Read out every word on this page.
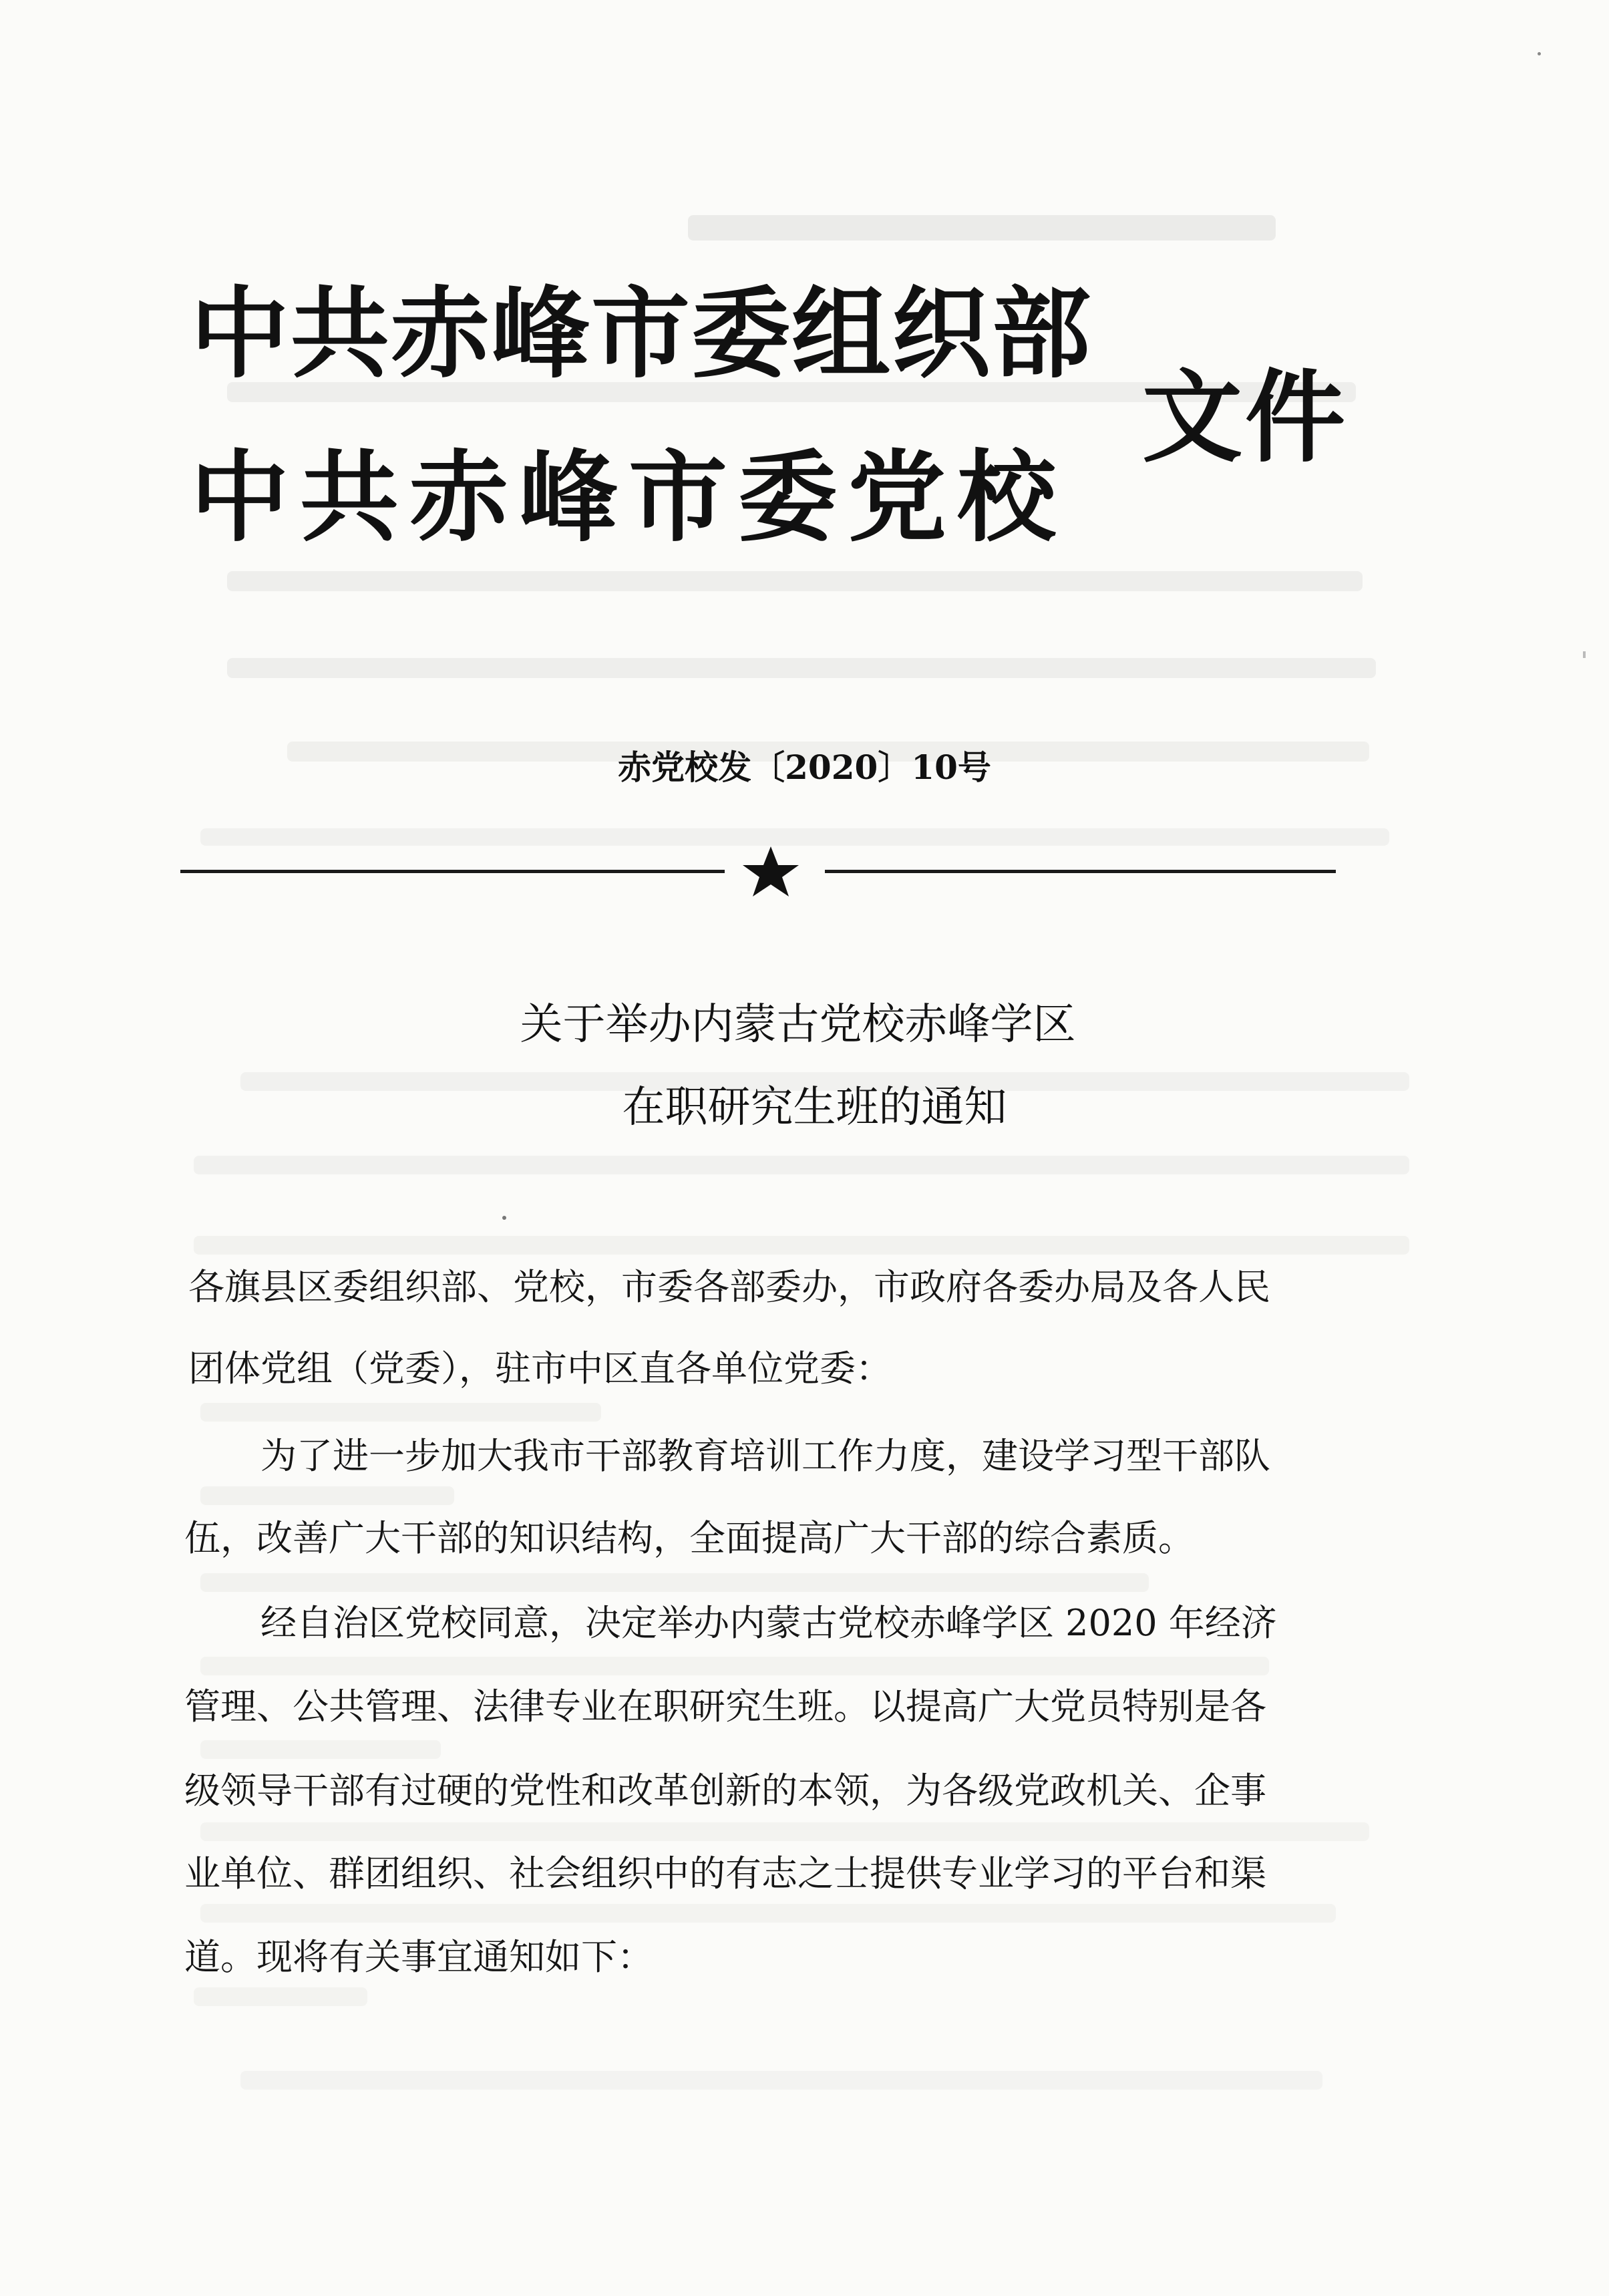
中共赤峰市委组织部
中共赤峰市委党校
文件
赤党校发〔2020〕10号
关于举办内蒙古党校赤峰学区
在职研究生班的通知
各旗县区委组织部、党校，市委各部委办，市政府各委办局及各人民
团体党组（党委），驻市中区直各单位党委：
为了进一步加大我市干部教育培训工作力度，建设学习型干部队
伍，改善广大干部的知识结构，全面提高广大干部的综合素质。
经自治区党校同意，决定举办内蒙古党校赤峰学区 2020 年经济
管理、公共管理、法律专业在职研究生班。以提高广大党员特别是各
级领导干部有过硬的党性和改革创新的本领，为各级党政机关、企事
业单位、群团组织、社会组织中的有志之士提供专业学习的平台和渠
道。现将有关事宜通知如下：
